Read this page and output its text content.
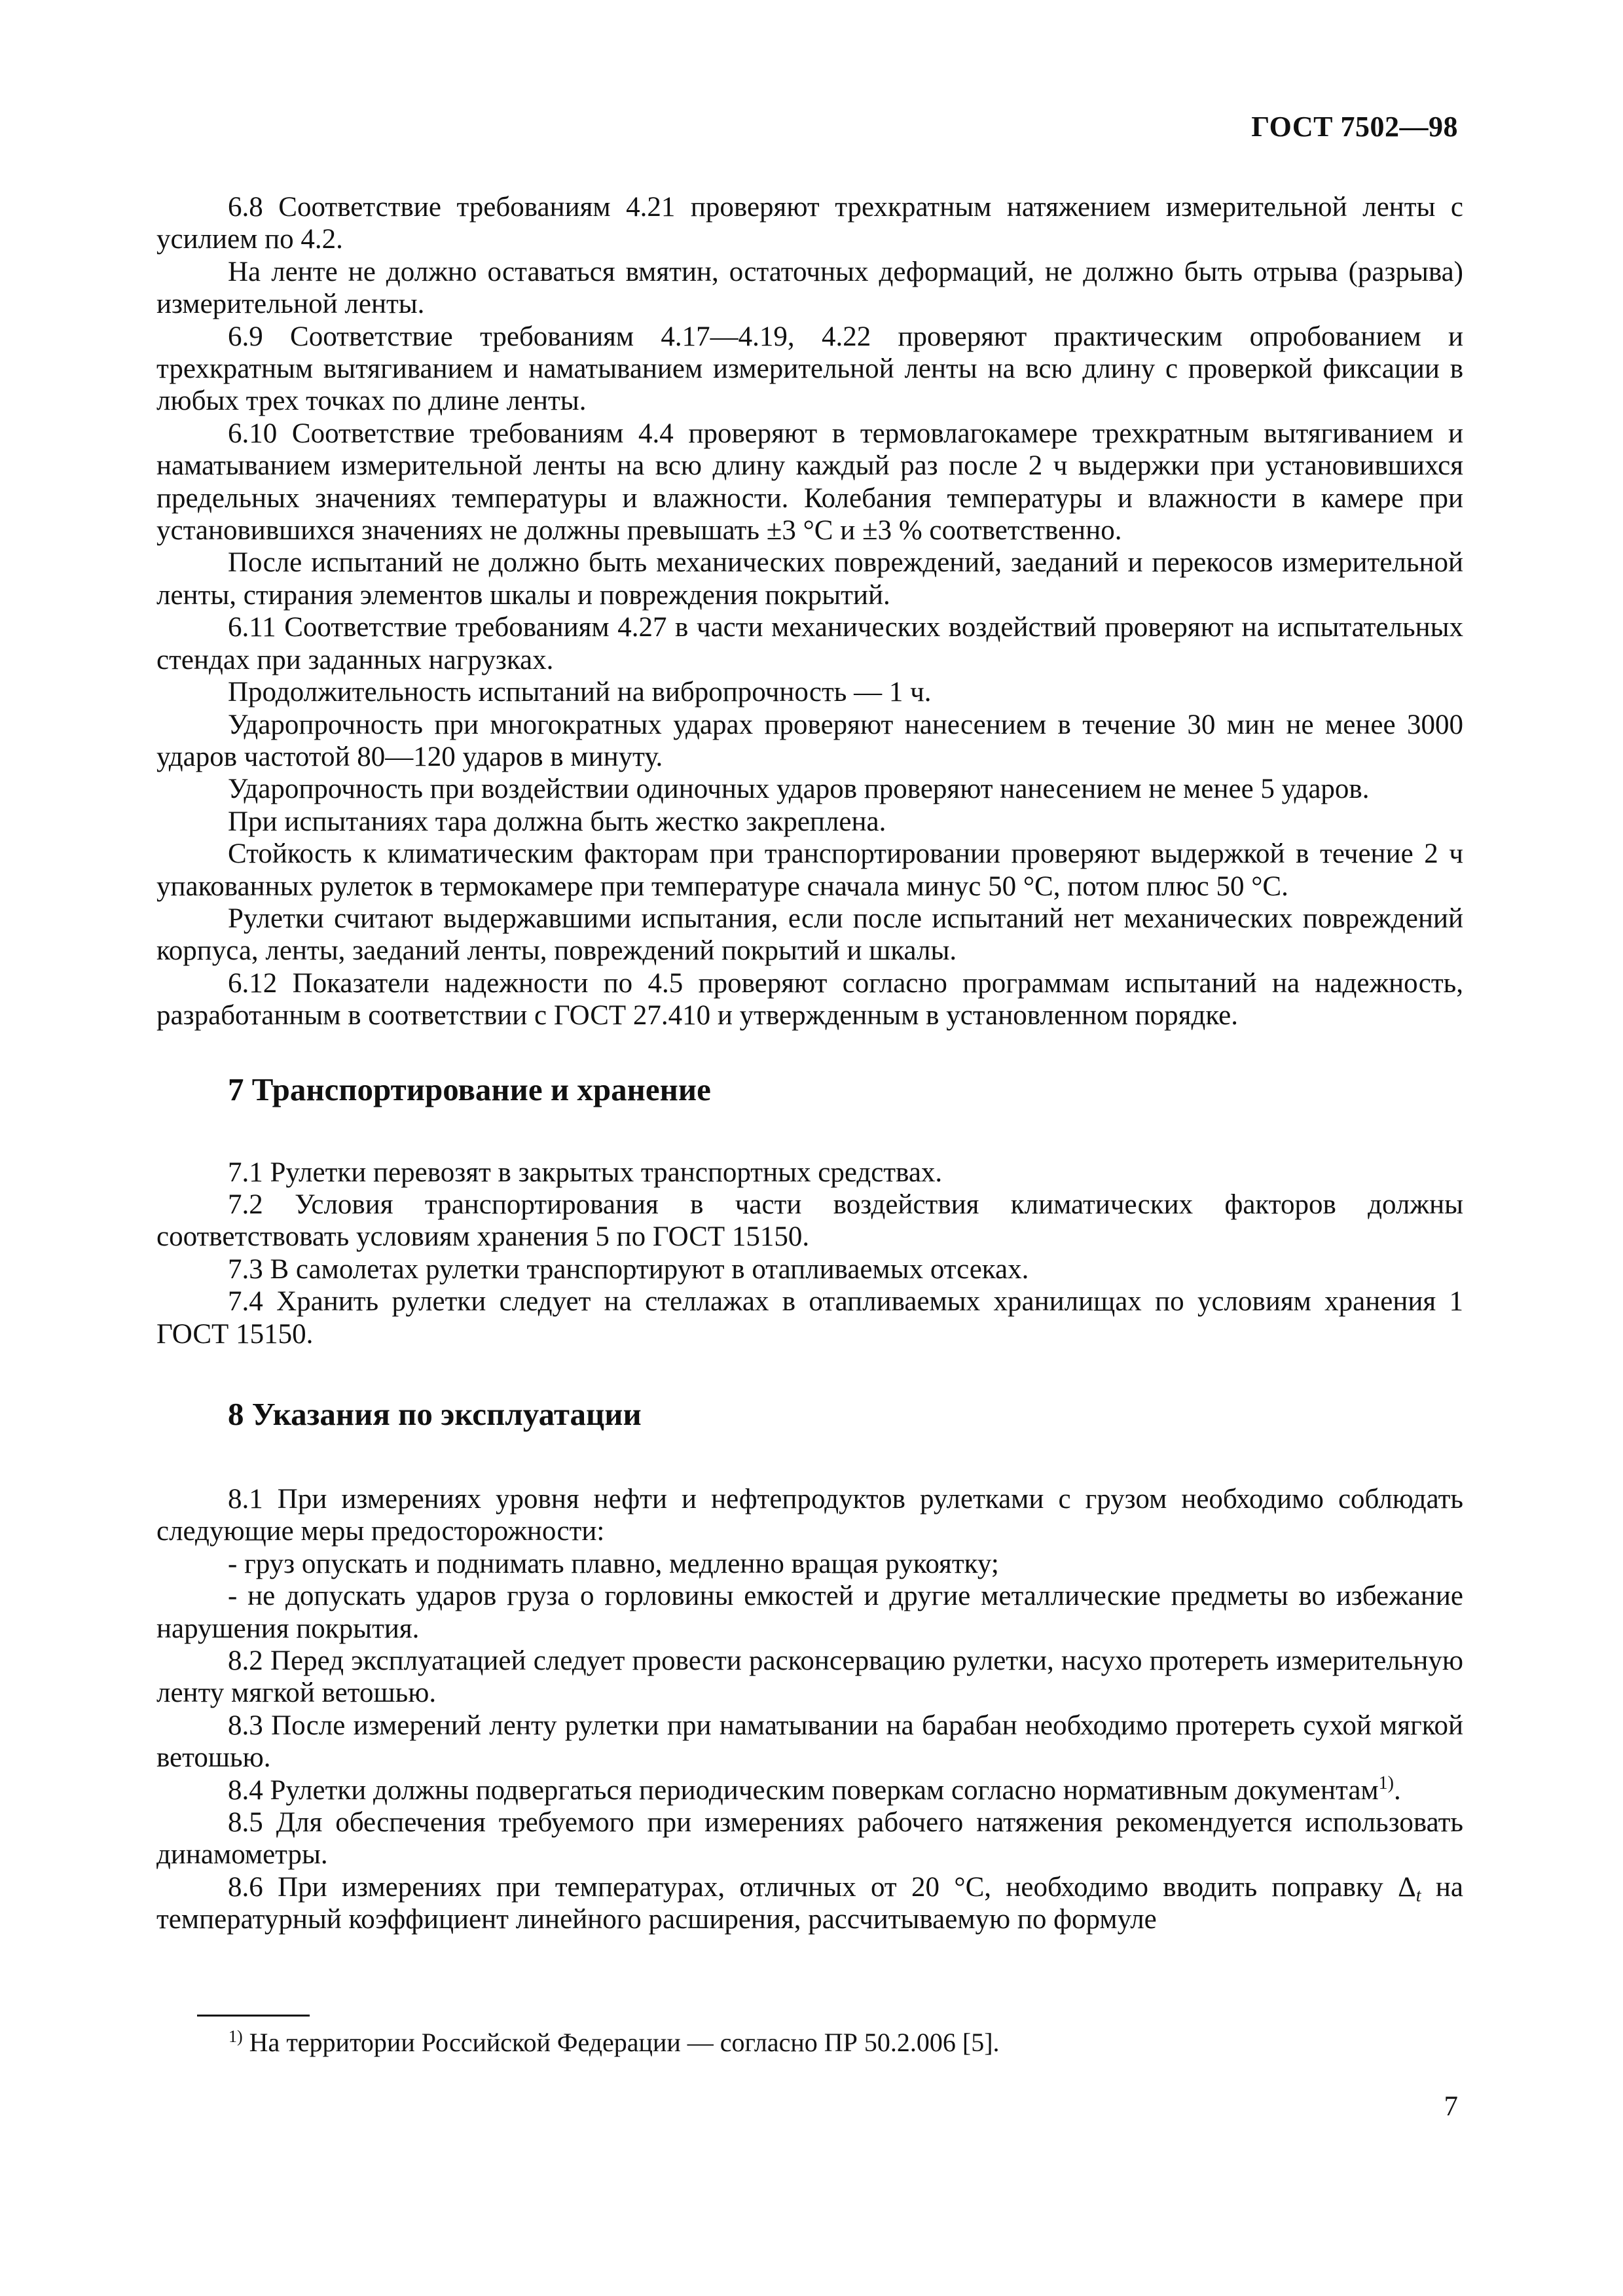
ГОСТ 7502—98

6.8 Соответствие требованиям 4.21 проверяют трехкратным натяжением измерительной ленты с усилием по 4.2.

На ленте не должно оставаться вмятин, остаточных деформаций, не должно быть отрыва (разрыва) измерительной ленты.

6.9 Соответствие требованиям 4.17—4.19, 4.22 проверяют практическим опробованием и трехкратным вытягиванием и наматыванием измерительной ленты на всю длину с проверкой фиксации в любых трех точках по длине ленты.

6.10 Соответствие требованиям 4.4 проверяют в термовлагокамере трехкратным вытягиванием и наматыванием измерительной ленты на всю длину каждый раз после 2 ч выдержки при установившихся предельных значениях температуры и влажности. Колебания температуры и влажности в камере при установившихся значениях не должны превышать ±3 °С и ±3 % соответственно.

После испытаний не должно быть механических повреждений, заеданий и перекосов измерительной ленты, стирания элементов шкалы и повреждения покрытий.

6.11 Соответствие требованиям 4.27 в части механических воздействий проверяют на испытательных стендах при заданных нагрузках.

Продолжительность испытаний на вибропрочность — 1 ч.

Ударопрочность при многократных ударах проверяют нанесением в течение 30 мин не менее 3000 ударов частотой 80—120 ударов в минуту.

Ударопрочность при воздействии одиночных ударов проверяют нанесением не менее 5 ударов.

При испытаниях тара должна быть жестко закреплена.

Стойкость к климатическим факторам при транспортировании проверяют выдержкой в течение 2 ч упакованных рулеток в термокамере при температуре сначала минус 50 °С, потом плюс 50 °С.

Рулетки считают выдержавшими испытания, если после испытаний нет механических повреждений корпуса, ленты, заеданий ленты, повреждений покрытий и шкалы.

6.12 Показатели надежности по 4.5 проверяют согласно программам испытаний на надежность, разработанным в соответствии с ГОСТ 27.410 и утвержденным в установленном порядке.

7 Транспортирование и хранение

7.1 Рулетки перевозят в закрытых транспортных средствах.

7.2 Условия транспортирования в части воздействия климатических факторов должны соответствовать условиям хранения 5 по ГОСТ 15150.

7.3 В самолетах рулетки транспортируют в отапливаемых отсеках.

7.4 Хранить рулетки следует на стеллажах в отапливаемых хранилищах по условиям хранения 1 ГОСТ 15150.

8 Указания по эксплуатации

8.1 При измерениях уровня нефти и нефтепродуктов рулетками с грузом необходимо соблюдать следующие меры предосторожности:

- груз опускать и поднимать плавно, медленно вращая рукоятку;

- не допускать ударов груза о горловины емкостей и другие металлические предметы во избежание нарушения покрытия.

8.2 Перед эксплуатацией следует провести расконсервацию рулетки, насухо протереть измерительную ленту мягкой ветошью.

8.3 После измерений ленту рулетки при наматывании на барабан необходимо протереть сухой мягкой ветошью.

8.4 Рулетки должны подвергаться периодическим поверкам согласно нормативным документам$^{1)}$.

8.5 Для обеспечения требуемого при измерениях рабочего натяжения рекомендуется использовать динамометры.

8.6 При измерениях при температурах, отличных от 20 °С, необходимо вводить поправку $\Delta_t$ на температурный коэффициент линейного расширения, рассчитываемую по формуле

$^{1)}$ На территории Российской Федерации — согласно ПР 50.2.006 [5].
7
